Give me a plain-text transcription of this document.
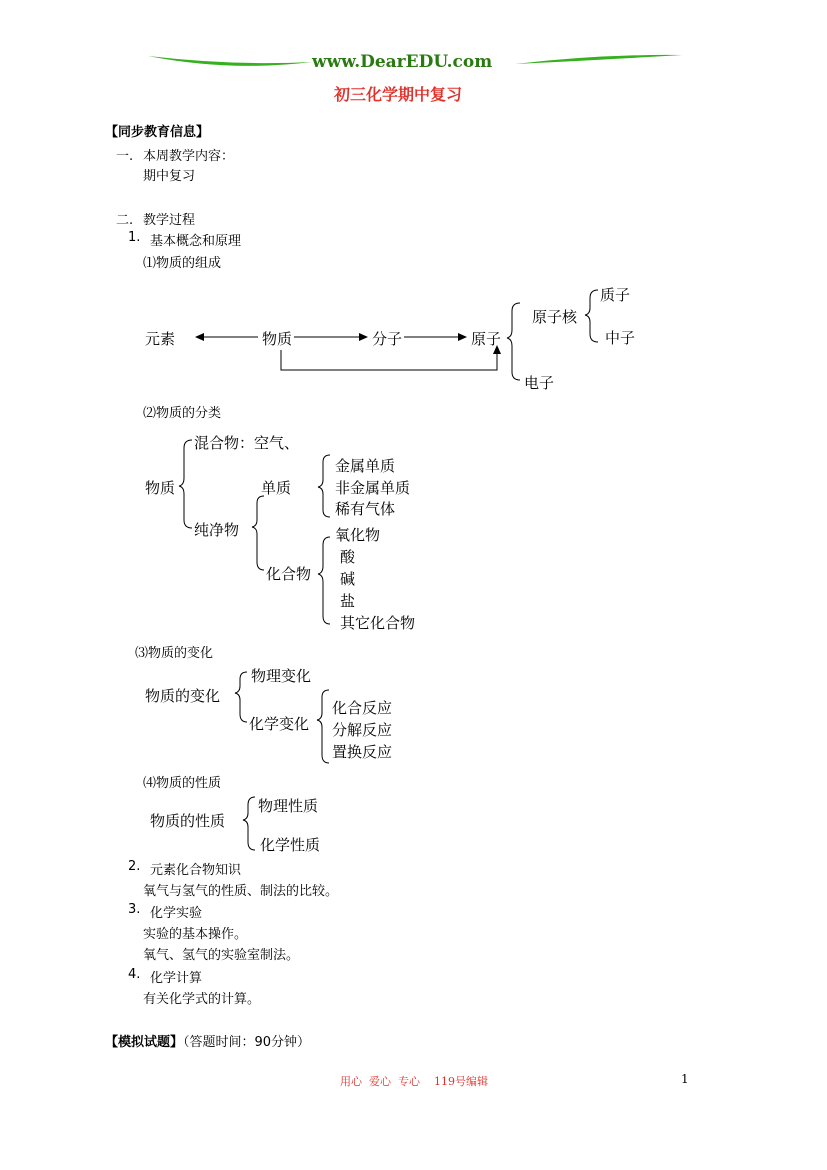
www.DearEDU.com
初三化学期中复习
【同步教育信息】
一. 本周教学内容：
期中复习
二. 教学过程
1. 基本概念和原理
⑴物质的组成
元素	物质	分子	原子
原子核
质子
中子
电子
⑵物质的分类
物质
混合物：空气、
纯净物
单质
金属单质
非金属单质
稀有气体
化合物
氧化物
酸
碱
盐
其它化合物
⑶物质的变化
物质的变化
物理变化
化学变化
化合反应
分解反应
置换反应
⑷物质的性质
物质的性质
物理性质
化学性质
2. 元素化合物知识
氧气与氢气的性质、制法的比较。
3. 化学实验
实验的基本操作。
氧气、氢气的实验室制法。
4. 化学计算
有关化学式的计算。
【模拟试题】（答题时间：90分钟）
用心  爱心  专心    119号编辑	1
